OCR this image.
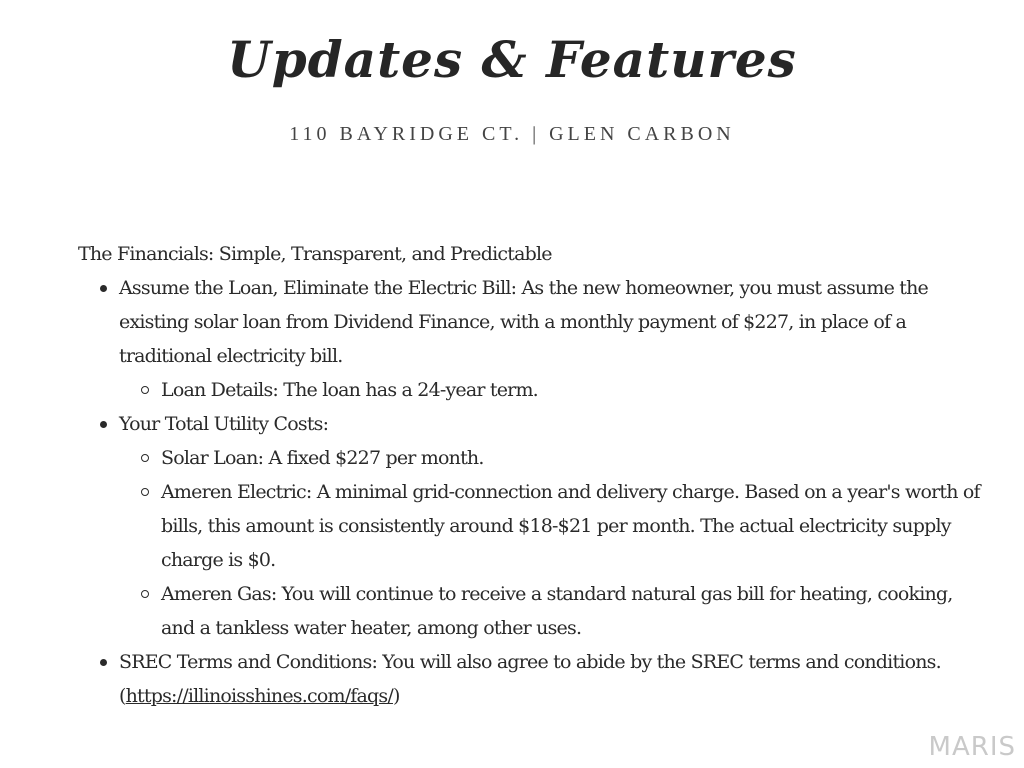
Updates & Features
110 BAYRIDGE CT. | GLEN CARBON

The Financials: Simple, Transparent, and Predictable

Assume the Loan, Eliminate the Electric Bill: As the new homeowner, you must assume the existing solar loan from Dividend Finance, with a monthly payment of $227, in place of a traditional electricity bill.
Loan Details: The loan has a 24-year term.
Your Total Utility Costs:
Solar Loan: A fixed $227 per month.
Ameren Electric: A minimal grid-connection and delivery charge. Based on a year's worth of bills, this amount is consistently around $18-$21 per month. The actual electricity supply charge is $0.
Ameren Gas: You will continue to receive a standard natural gas bill for heating, cooking, and a tankless water heater, among other uses.
SREC Terms and Conditions: You will also agree to abide by the SREC terms and conditions.
(https://illinoisshines.com/faqs/)
MARIS
